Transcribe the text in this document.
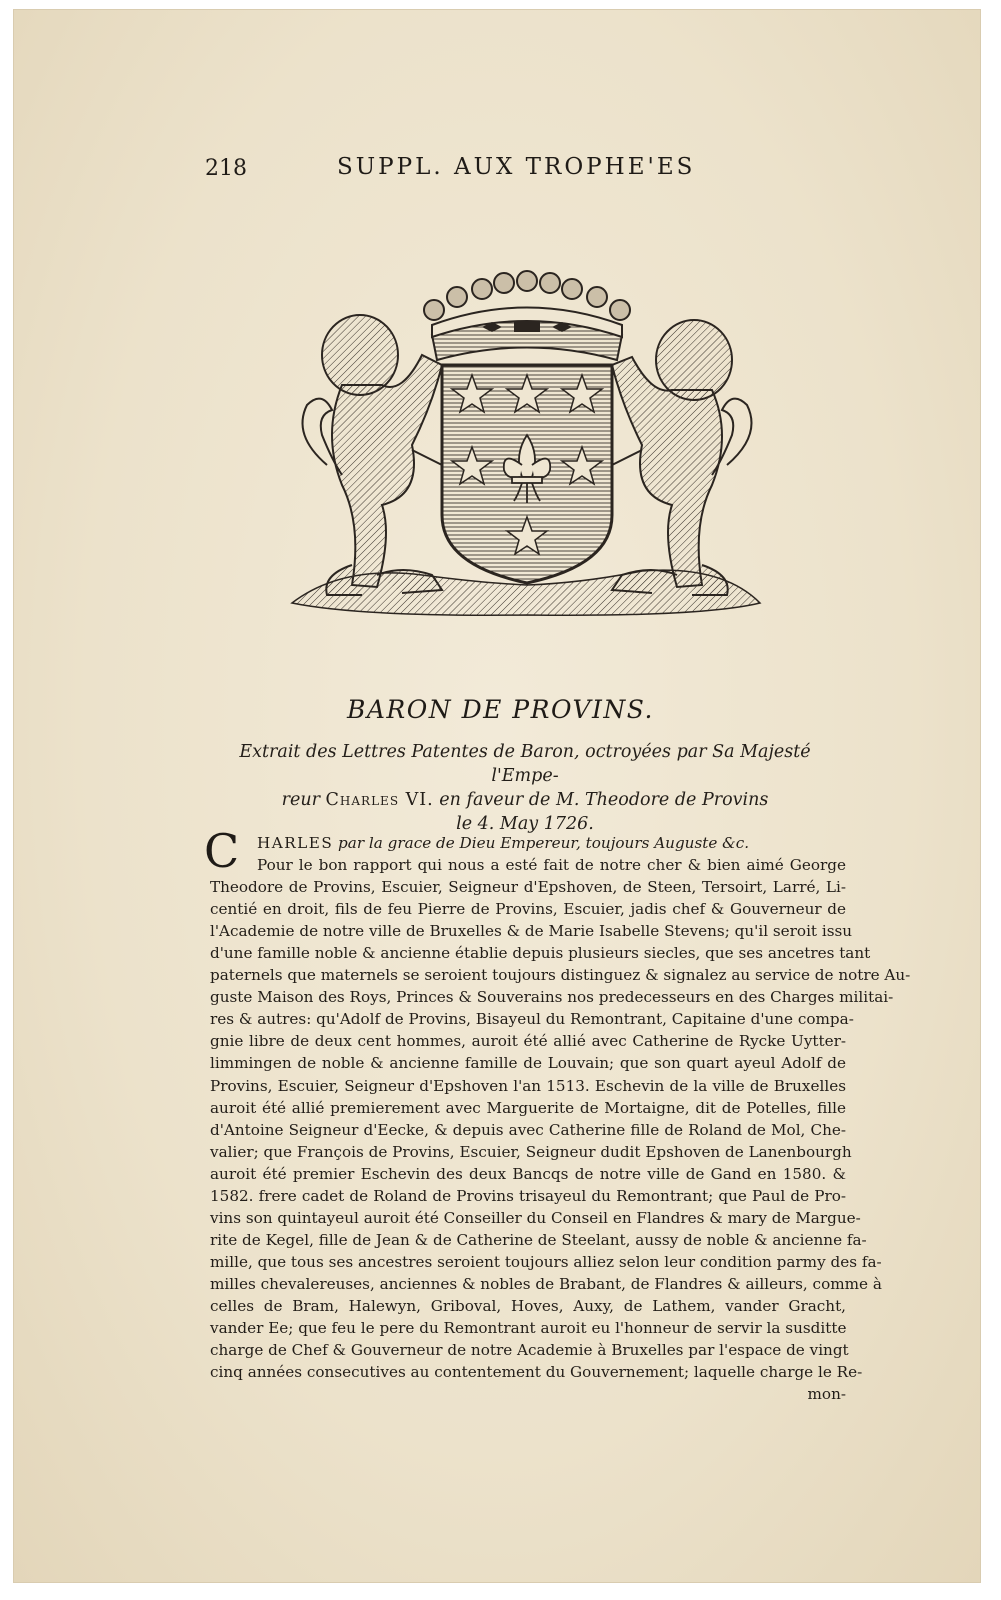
218	SUPPL. AUX TROPHE'ES
BARON DE PROVINS.
Extrait des Lettres Patentes de Baron, octroyées par Sa Majesté l'Empe-
reur Charles VI. en faveur de M. Theodore de Provins
le 4. May 1726.
C HARLES par la grace de Dieu Empereur, toujours Auguste &c.
Pour le bon rapport qui nous a esté fait de notre cher & bien aimé George
Theodore de Provins, Escuier, Seigneur d'Epshoven, de Steen, Tersoirt, Larré, Li-
centié en droit, fils de feu Pierre de Provins, Escuier, jadis chef & Gouverneur de
l'Academie de notre ville de Bruxelles & de Marie Isabelle Stevens; qu'il seroit issu
d'une famille noble & ancienne établie depuis plusieurs siecles, que ses ancetres tant
paternels que maternels se seroient toujours distinguez & signalez au service de notre Au-
guste Maison des Roys, Princes & Souverains nos predecesseurs en des Charges militai-
res & autres: qu'Adolf de Provins, Bisayeul du Remontrant, Capitaine d'une compa-
gnie libre de deux cent hommes, auroit été allié avec Catherine de Rycke Uytter-
limmingen de noble & ancienne famille de Louvain; que son quart ayeul Adolf de
Provins, Escuier, Seigneur d'Epshoven l'an 1513. Eschevin de la ville de Bruxelles
auroit été allié premierement avec Marguerite de Mortaigne, dit de Potelles, fille
d'Antoine Seigneur d'Eecke, & depuis avec Catherine fille de Roland de Mol, Che-
valier; que François de Provins, Escuier, Seigneur dudit Epshoven de Lanenbourgh
auroit été premier Eschevin des deux Bancqs de notre ville de Gand en 1580. &
1582. frere cadet de Roland de Provins trisayeul du Remontrant; que Paul de Pro-
vins son quintayeul auroit été Conseiller du Conseil en Flandres & mary de Margue-
rite de Kegel, fille de Jean & de Catherine de Steelant, aussy de noble & ancienne fa-
mille, que tous ses ancestres seroient toujours alliez selon leur condition parmy des fa-
milles chevalereuses, anciennes & nobles de Brabant, de Flandres & ailleurs, comme à
celles de Bram, Halewyn, Griboval, Hoves, Auxy, de Lathem, vander Gracht,
vander Ee; que feu le pere du Remontrant auroit eu l'honneur de servir la susditte
charge de Chef & Gouverneur de notre Academie à Bruxelles par l'espace de vingt
cinq années consecutives au contentement du Gouvernement; laquelle charge le Re-
mon-
